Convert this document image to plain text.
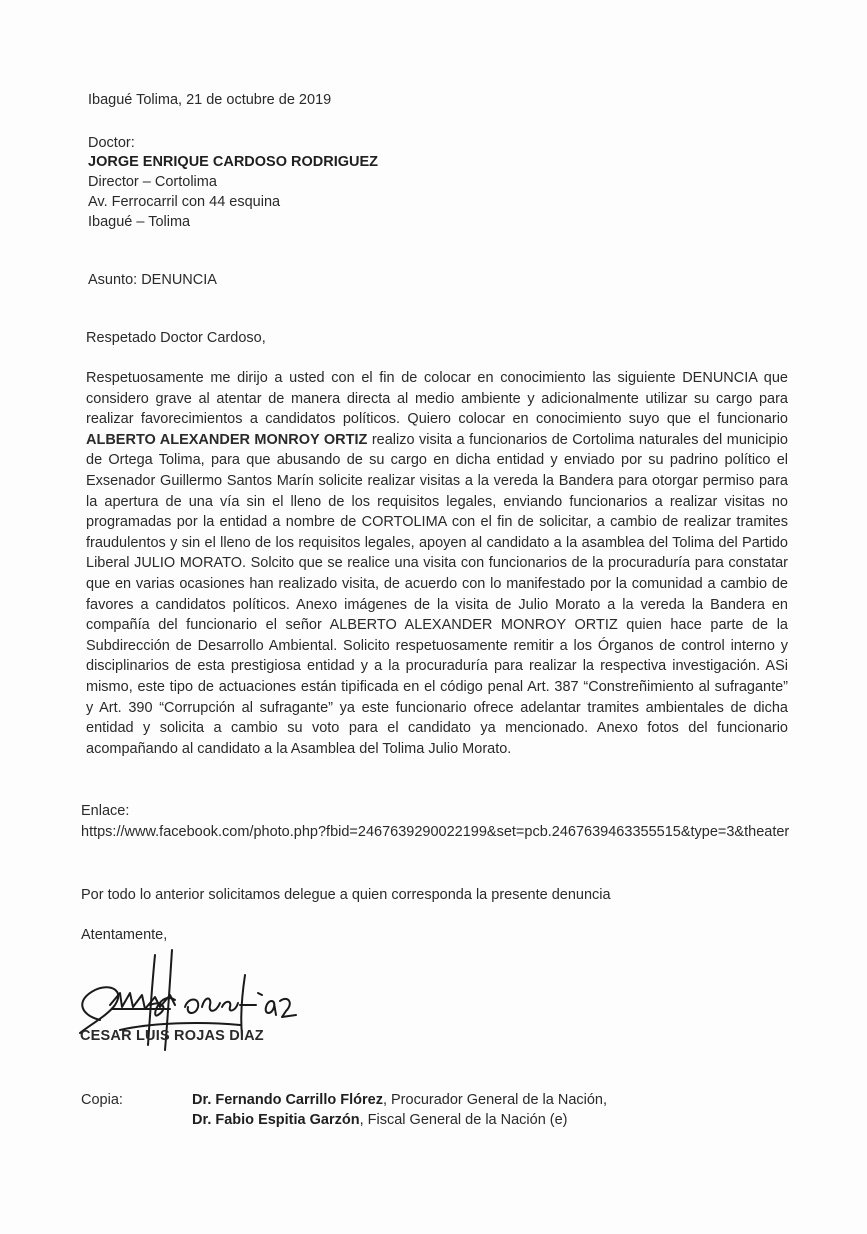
Ibagué Tolima, 21 de octubre de 2019
Doctor:
JORGE ENRIQUE CARDOSO RODRIGUEZ
Director – Cortolima
Av. Ferrocarril con 44 esquina
Ibagué – Tolima
Asunto: DENUNCIA
Respetado Doctor Cardoso,
Respetuosamente me dirijo a usted con el fin de colocar en conocimiento las siguiente DENUNCIA que considero grave al atentar de manera directa al medio ambiente y adicionalmente utilizar su cargo para realizar favorecimientos a candidatos políticos. Quiero colocar en conocimiento suyo que el funcionario ALBERTO ALEXANDER MONROY ORTIZ realizo visita a funcionarios de Cortolima naturales del municipio de Ortega Tolima, para que abusando de su cargo en dicha entidad y enviado por su padrino político el Exsenador Guillermo Santos Marín solicite realizar visitas a la vereda la Bandera para otorgar permiso para la apertura de una vía sin el lleno de los requisitos legales, enviando funcionarios a realizar visitas no programadas por la entidad a nombre de CORTOLIMA con el fin de solicitar, a cambio de realizar tramites fraudulentos y sin el lleno de los requisitos legales, apoyen al candidato a la asamblea del Tolima del Partido Liberal JULIO MORATO. Solcito que se realice una visita con funcionarios de la procuraduría para constatar que en varias ocasiones han realizado visita, de acuerdo con lo manifestado por la comunidad a cambio de favores a candidatos políticos. Anexo imágenes de la visita de Julio Morato a la vereda la Bandera en compañía del funcionario el señor ALBERTO ALEXANDER MONROY ORTIZ quien hace parte de la Subdirección de Desarrollo Ambiental. Solicito respetuosamente remitir a los Órganos de control interno y disciplinarios de esta prestigiosa entidad y a la procuraduría para realizar la respectiva investigación. ASi mismo, este tipo de actuaciones están tipificada en el código penal Art. 387 “Constreñimiento al sufragante” y Art. 390 “Corrupción al sufragante” ya este funcionario ofrece adelantar tramites ambientales de dicha entidad y solicita a cambio su voto para el candidato ya mencionado. Anexo fotos del funcionario acompañando al candidato a la Asamblea del Tolima Julio Morato.
Enlace:
https://www.facebook.com/photo.php?fbid=2467639290022199&set=pcb.2467639463355515&type=3&theater
Por todo lo anterior solicitamos delegue a quien corresponda la presente denuncia
Atentamente,
CESAR LUIS ROJAS DIAZ
Copia:	Dr. Fernando Carrillo Flórez, Procurador General de la Nación,
Dr. Fabio Espitia Garzón, Fiscal General de la Nación (e)
